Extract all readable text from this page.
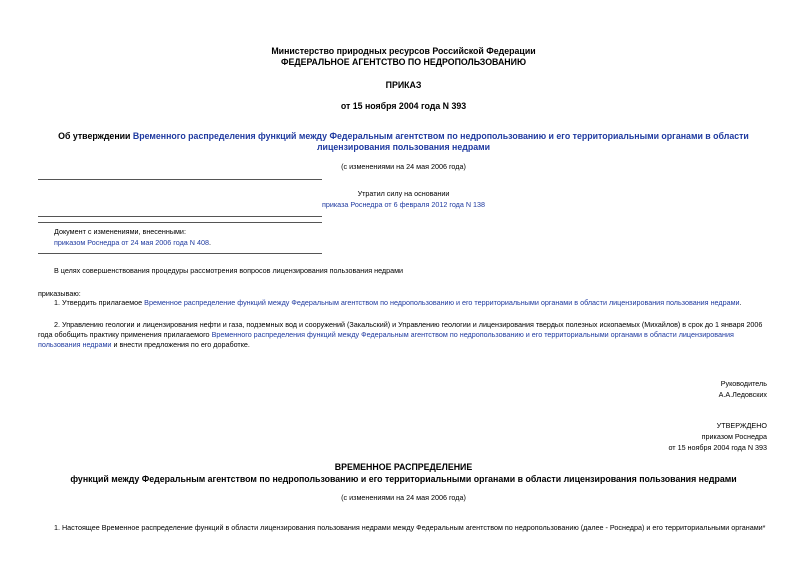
Министерство природных ресурсов Российской Федерации
ФЕДЕРАЛЬНОЕ АГЕНТСТВО ПО НЕДРОПОЛЬЗОВАНИЮ
ПРИКАЗ
от 15 ноября 2004 года N 393
Об утверждении Временного распределения функций между Федеральным агентством по недропользованию и его территориальными органами в области
лицензирования пользования недрами
(с изменениями на 24 мая 2006 года)
Утратил силу на основании
приказа Роснедра от 6 февраля 2012 года N 138
Документ с изменениями, внесенными:
приказом Роснедра от 24 мая 2006 года N 408.
В целях совершенствования процедуры рассмотрения вопросов лицензирования пользования недрами
приказываю:
1. Утвердить прилагаемое Временное распределение функций между Федеральным агентством по недропользованию и его территориальными органами в области лицензирования пользования недрами.
2. Управлению геологии и лицензирования нефти и газа, подземных вод и сооружений (Закальский) и Управлению геологии и лицензирования твердых полезных ископаемых (Михайлов) в срок до 1 января 2006
года обобщить практику применения прилагаемого Временного распределения функций между Федеральным агентством по недропользованию и его территориальными органами в области лицензирования
пользования недрами и внести предложения по его доработке.
Руководитель
А.А.Ледовских
УТВЕРЖДЕНО
приказом Роснедра
от 15 ноября 2004 года N 393
ВРЕМЕННОЕ РАСПРЕДЕЛЕНИЕ
функций между Федеральным агентством по недропользованию и его территориальными органами в области лицензирования пользования недрами
(с изменениями на 24 мая 2006 года)
1. Настоящее Временное распределение функций в области лицензирования пользования недрами между Федеральным агентством по недропользованию (далее - Роснедра) и его территориальными органами*
